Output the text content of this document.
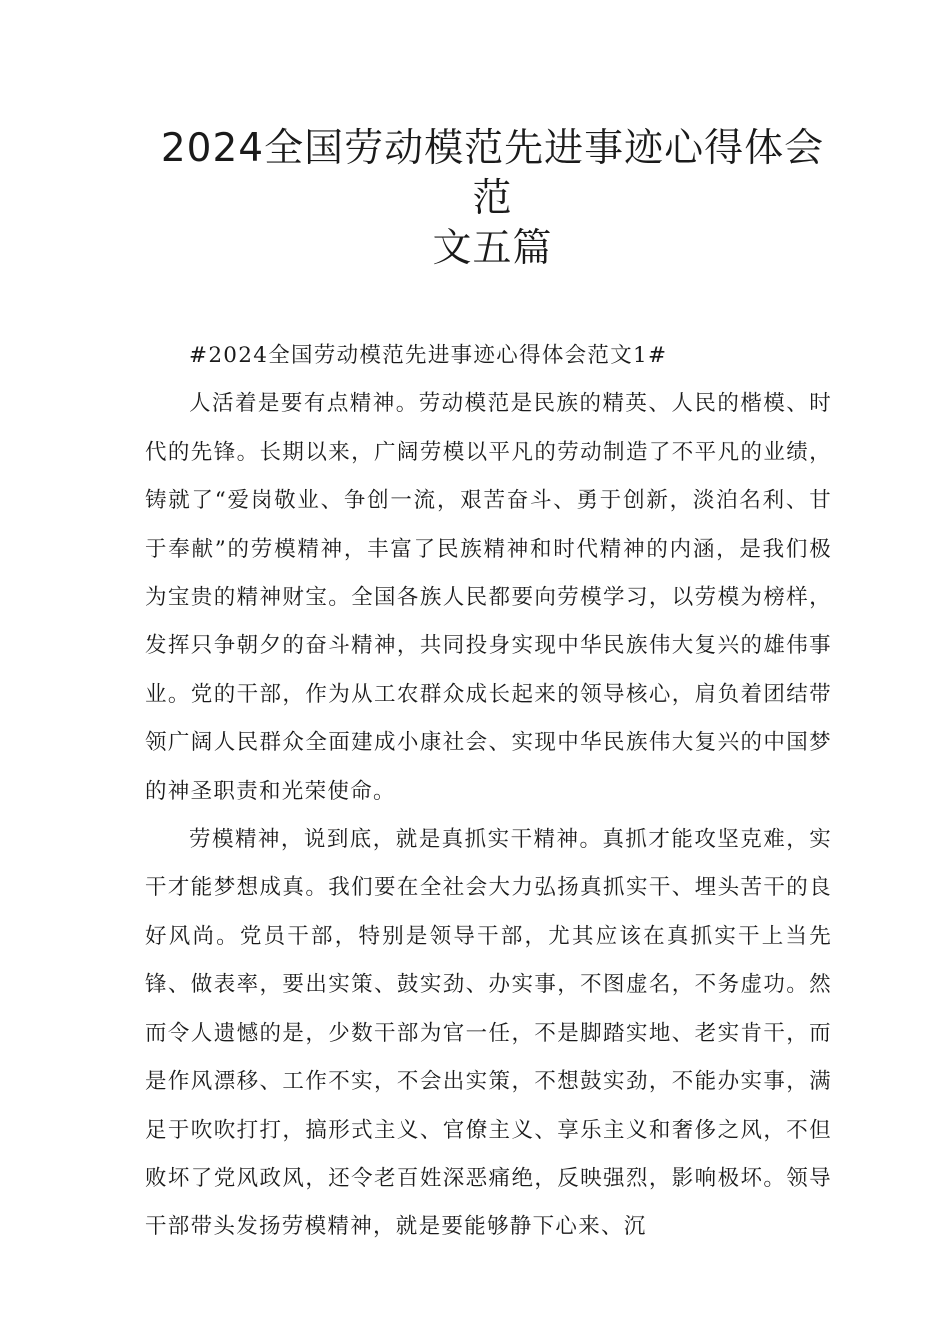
2024全国劳动模范先进事迹心得体会范
文五篇

#2024全国劳动模范先进事迹心得体会范文1#

人活着是要有点精神。劳动模范是民族的精英、人民的楷模、时代的先锋。长期以来，广阔劳模以平凡的劳动制造了不平凡的业绩，铸就了“爱岗敬业、争创一流，艰苦奋斗、勇于创新，淡泊名利、甘于奉献”的劳模精神，丰富了民族精神和时代精神的内涵，是我们极为宝贵的精神财宝。全国各族人民都要向劳模学习，以劳模为榜样，发挥只争朝夕的奋斗精神，共同投身实现中华民族伟大复兴的雄伟事业。党的干部，作为从工农群众成长起来的领导核心，肩负着团结带领广阔人民群众全面建成小康社会、实现中华民族伟大复兴的中国梦的神圣职责和光荣使命。

劳模精神，说到底，就是真抓实干精神。真抓才能攻坚克难，实干才能梦想成真。我们要在全社会大力弘扬真抓实干、埋头苦干的良好风尚。党员干部，特别是领导干部，尤其应该在真抓实干上当先锋、做表率，要出实策、鼓实劲、办实事，不图虚名，不务虚功。然而令人遗憾的是，少数干部为官一任，不是脚踏实地、老实肯干，而是作风漂移、工作不实，不会出实策，不想鼓实劲，不能办实事，满足于吹吹打打，搞形式主义、官僚主义、享乐主义和奢侈之风，不但败坏了党风政风，还令老百姓深恶痛绝，反映强烈，影响极坏。领导干部带头发扬劳模精神，就是要能够静下心来、沉
